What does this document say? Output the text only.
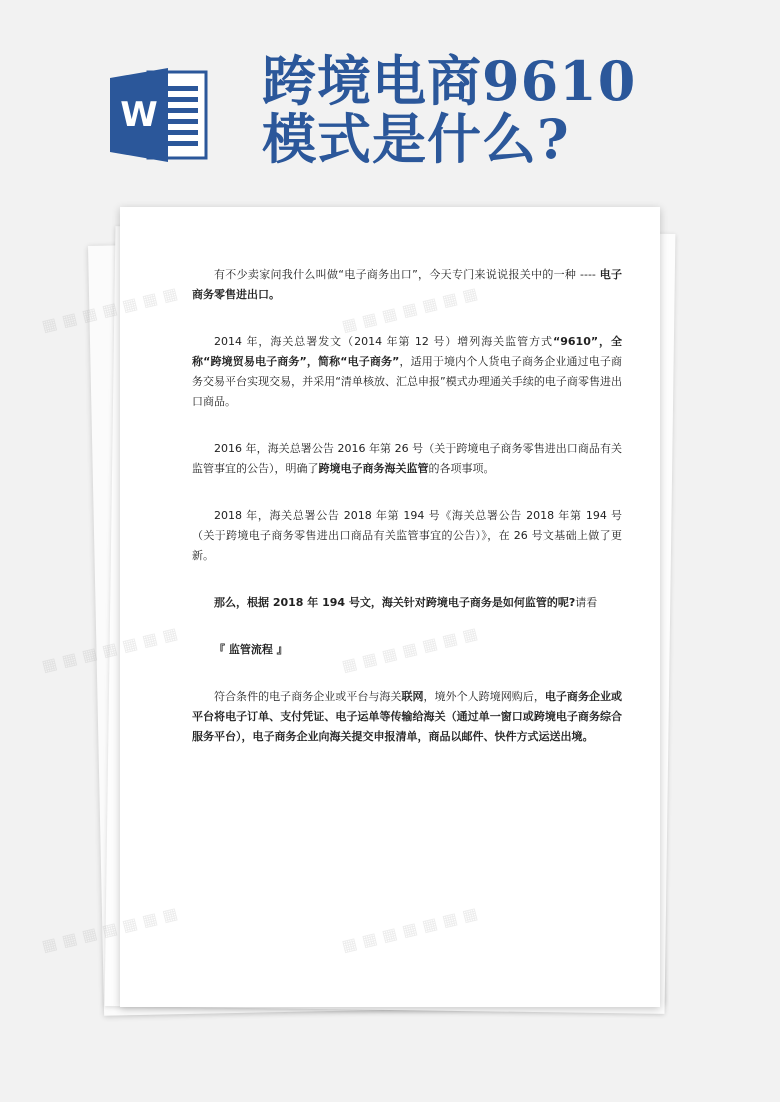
W
跨境电商9610
模式是什么?

有不少卖家问我什么叫做“电子商务出口”，今天专门来说说报关中的一种 ---- 电子商务零售进出口。

2014 年，海关总署发文（2014 年第 12 号）增列海关监管方式“9610”，全称“跨境贸易电子商务”，简称“电子商务”，适用于境内个人货电子商务企业通过电子商务交易平台实现交易，并采用“清单核放、汇总申报”模式办理通关手续的电子商零售进出口商品。

2016 年，海关总署公告 2016 年第 26 号（关于跨境电子商务零售进出口商品有关监管事宜的公告），明确了跨境电子商务海关监管的各项事项。

2018 年，海关总署公告 2018 年第 194 号《海关总署公告 2018 年第 194 号（关于跨境电子商务零售进出口商品有关监管事宜的公告）》，在 26 号文基础上做了更新。

那么，根据 2018 年 194 号文，海关针对跨境电子商务是如何监管的呢?请看

『 监管流程 』

符合条件的电子商务企业或平台与海关联网，境外个人跨境网购后，电子商务企业或平台将电子订单、支付凭证、电子运单等传输给海关（通过单一窗口或跨境电子商务综合服务平台），电子商务企业向海关提交申报清单，商品以邮件、快件方式运送出境。

▦ ▦
▦ ▦ ▦
▦ ▦ ▦
